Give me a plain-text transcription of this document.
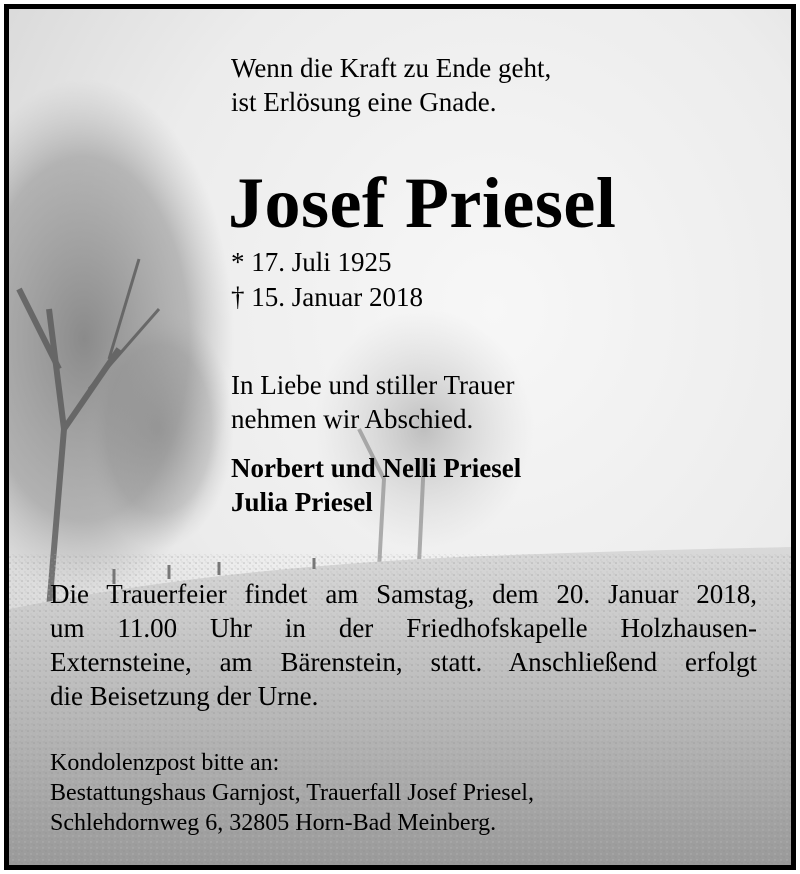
Wenn die Kraft zu Ende geht,
ist Erlösung eine Gnade.
Josef Priesel
* 17. Juli 1925
† 15. Januar 2018
In Liebe und stiller Trauer
nehmen wir Abschied.
Norbert und Nelli Priesel
Julia Priesel
Die Trauerfeier findet am Samstag, dem 20. Januar 2018,
um 11.00 Uhr in der Friedhofskapelle Holzhausen-
Externsteine, am Bärenstein, statt. Anschließend erfolgt
die Beisetzung der Urne.
Kondolenzpost bitte an:
Bestattungshaus Garnjost, Trauerfall Josef Priesel,
Schlehdornweg 6, 32805 Horn-Bad Meinberg.
